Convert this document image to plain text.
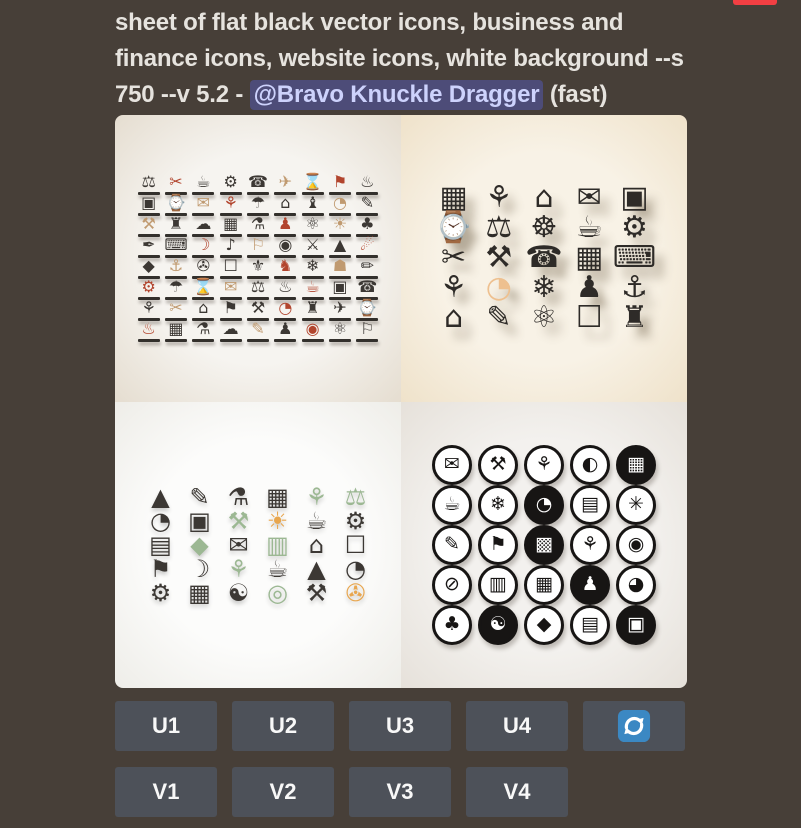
sheet of flat black vector icons, business and
finance icons, website icons, white background --s
750 --v 5.2 - @Bravo Knuckle Dragger (fast)
⚖ ✂ ☕ ⚙ ☎ ✈ ⌛ ⚑ ♨
▣ ⌚ ✉ ⚘ ☂ ⌂ ♝ ◔ ✎
⚒ ♜ ☁ ▦ ⚗ ♟ ⚛ ☀ ♣
✒ ⌨ ☽ ♪ ⚐ ◉ ⚔ ▲ ☄
◆ ⚓ ✇ ☐ ⚜ ♞ ❄ ☗ ✏
⚙ ☂ ⌛ ✉ ⚖ ♨ ☕ ▣ ☎
⚘ ✂ ⌂ ⚑ ⚒ ◔ ♜ ✈ ⌚
♨ ▦ ⚗ ☁ ✎ ♟ ◉ ⚛ ⚐
▦ ⚘ ⌂ ✉ ▣
⌚ ⚖ ☸ ☕ ⚙
✂ ⚒ ☎ ▦ ⌨
⚘ ◔ ❄ ♟ ⚓
⌂ ✎ ⚛ ☐ ♜
▲ ✎ ⚗ ▦ ⚘ ⚖
◔ ▣ ⚒ ☀ ☕ ⚙
▤ ◆ ✉ ▥ ⌂ ☐
⚑ ☽ ⚘ ☕ ▲ ◔
⚙ ▦ ☯ ◎ ⚒ ✇
✉	⚒	⚘	◐	▦
☕	❄	◔	▤	✳
✎	⚑	▩	⚘	◉
⊘	▥	▦	♟	◕
♣	☯	◆	▤	▣
U1	U2	U3	U4
V1	V2	V3	V4
